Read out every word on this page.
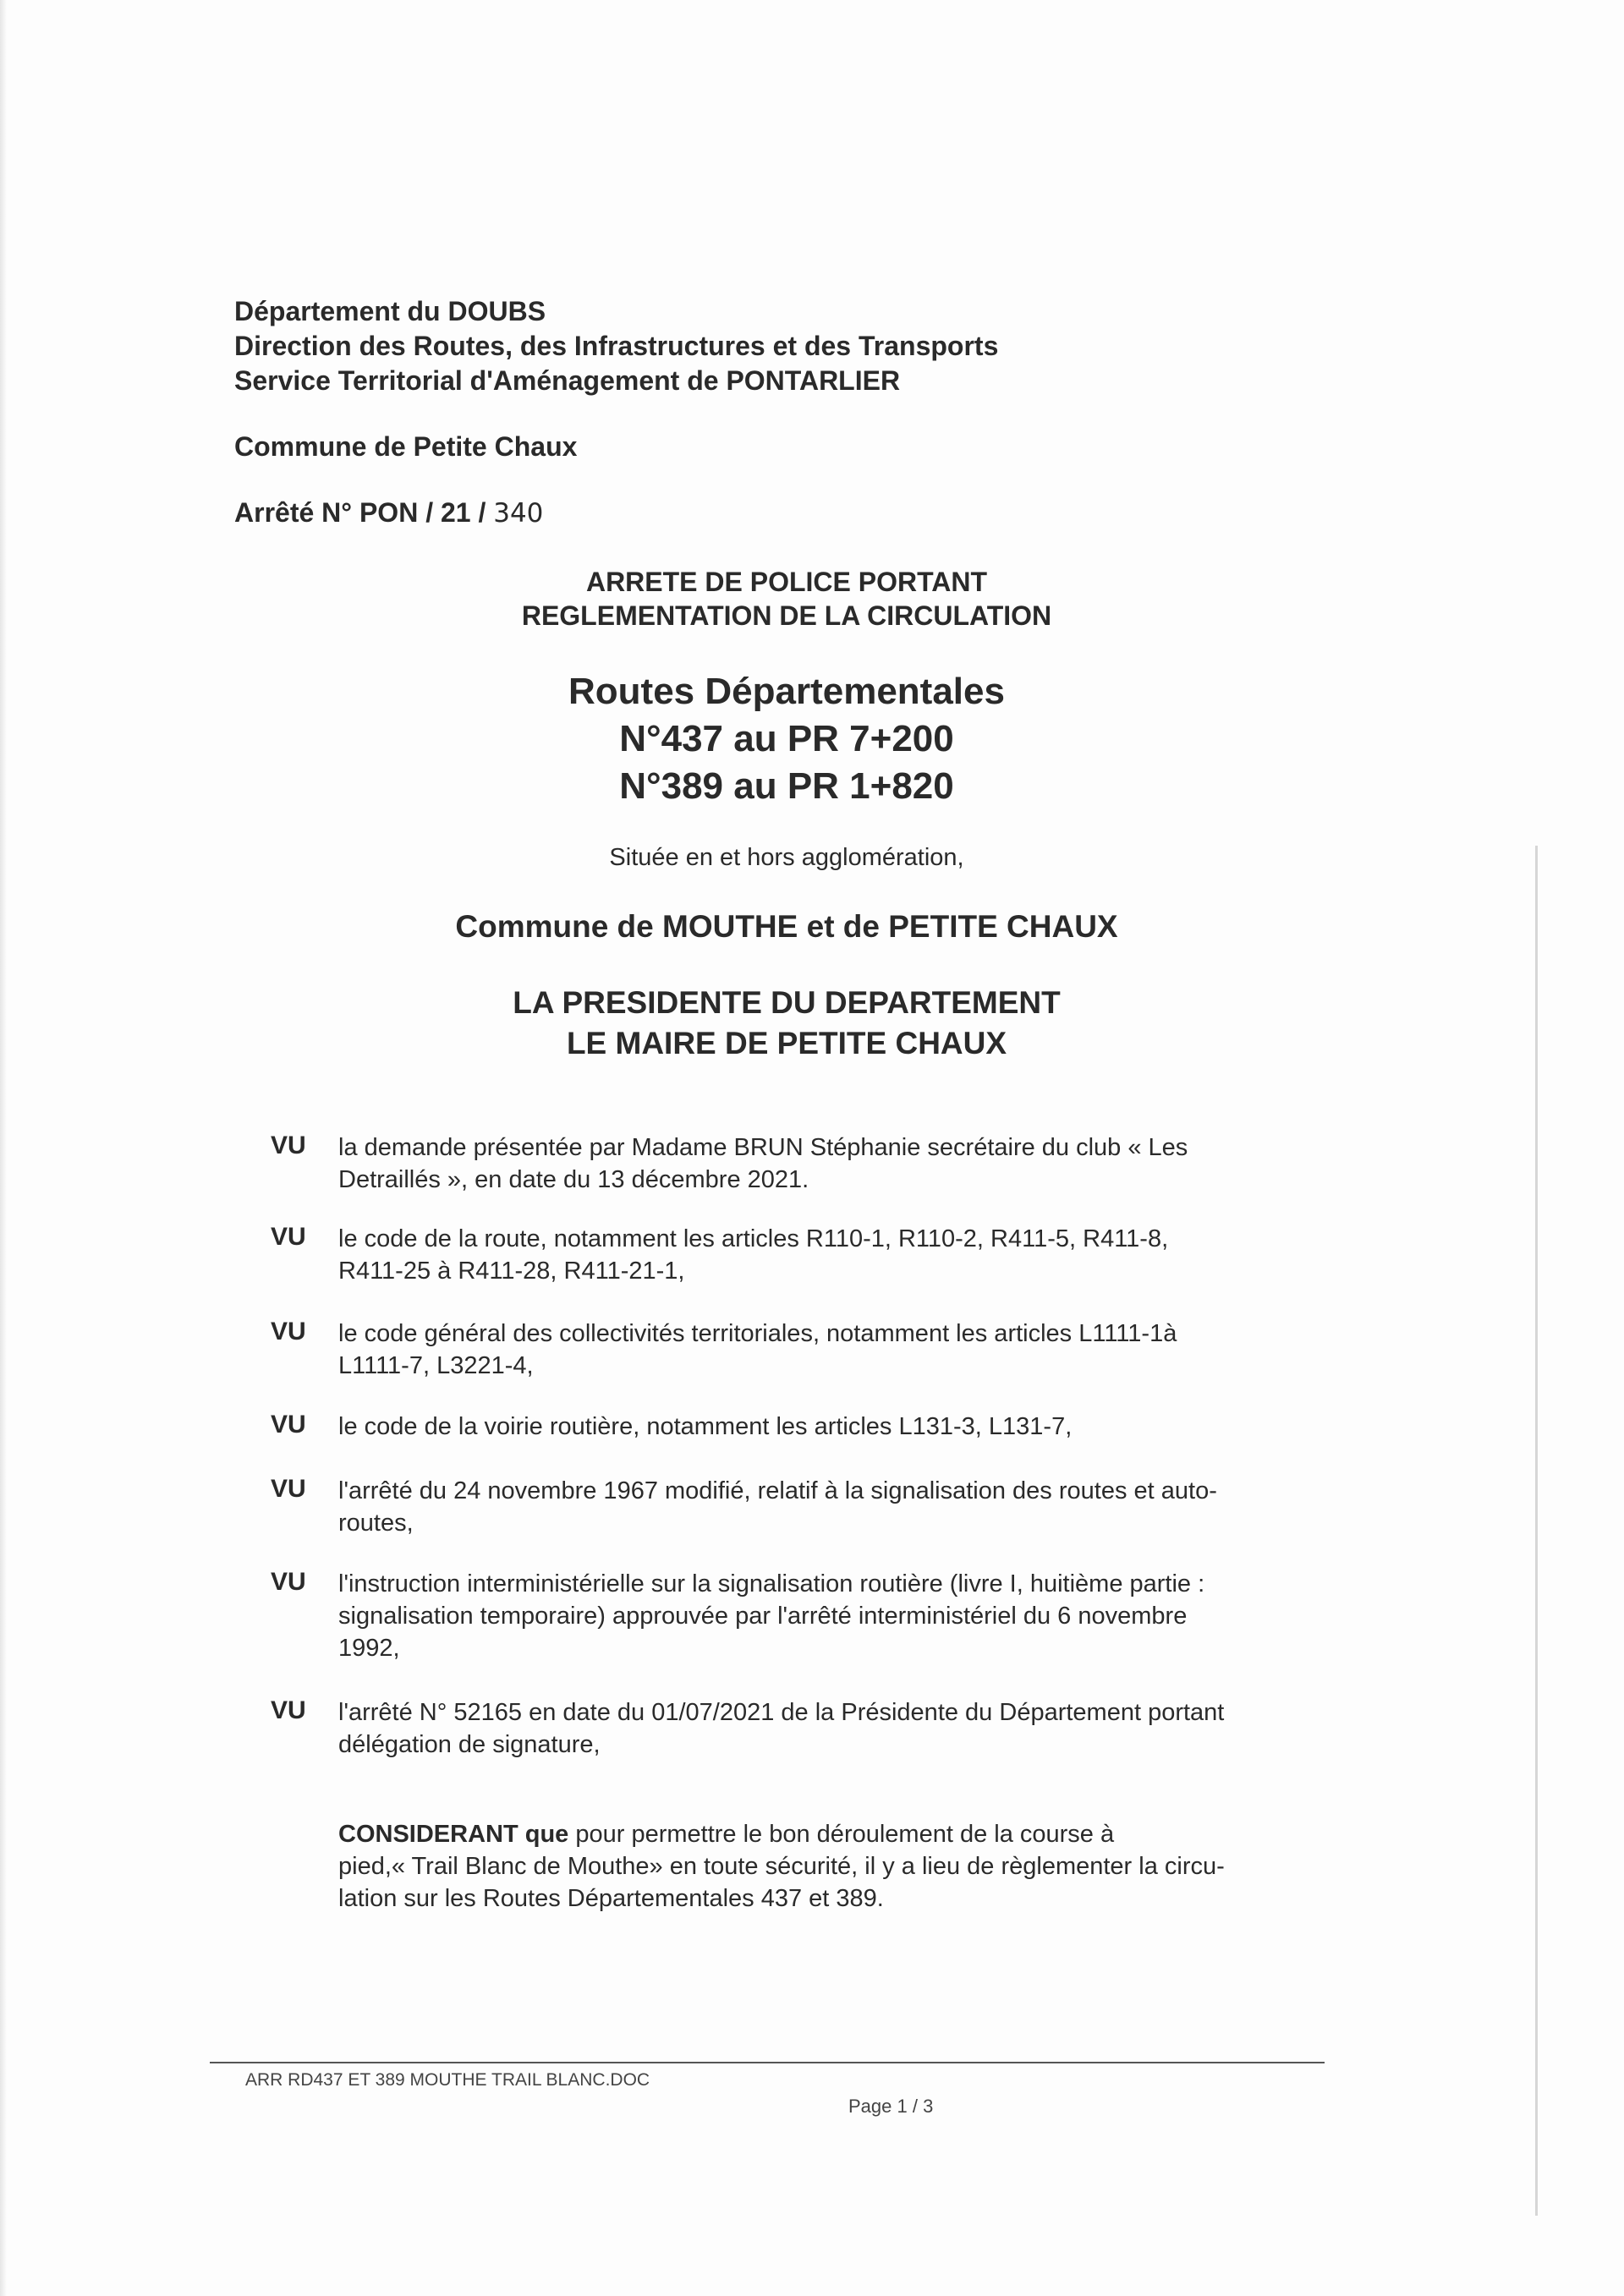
Département du DOUBS
Direction des Routes, des Infrastructures et des Transports
Service Territorial d'Aménagement de PONTARLIER
Commune de Petite Chaux
Arrêté N° PON / 21 / 340
ARRETE DE POLICE PORTANT
REGLEMENTATION DE LA CIRCULATION
Routes Départementales
N°437 au PR 7+200
N°389 au PR 1+820
Située en et hors agglomération,
Commune de MOUTHE et de PETITE CHAUX
LA PRESIDENTE DU DEPARTEMENT
LE MAIRE DE PETITE CHAUX
VU la demande présentée par Madame BRUN Stéphanie secrétaire du club « Les
Detraillés », en date du 13 décembre 2021.
VU le code de la route, notamment les articles R110-1, R110-2, R411-5, R411-8,
R411-25 à R411-28, R411-21-1,
VU le code général des collectivités territoriales, notamment les articles L1111-1à
L1111-7, L3221-4,
VU le code de la voirie routière, notamment les articles L131-3, L131-7,
VU l'arrêté du 24 novembre 1967 modifié, relatif à la signalisation des routes et auto-
routes,
VU l'instruction interministérielle sur la signalisation routière (livre I, huitième partie :
signalisation temporaire) approuvée par l'arrêté interministériel du 6 novembre
1992,
VU l'arrêté N° 52165 en date du 01/07/2021 de la Présidente du Département portant
délégation de signature,
CONSIDERANT que pour permettre le bon déroulement de la course à
pied,« Trail Blanc de Mouthe» en toute sécurité, il y a lieu de règlementer la circu-
lation sur les Routes Départementales 437 et 389.
ARR RD437 ET 389 MOUTHE TRAIL BLANC.DOC
Page 1 / 3
